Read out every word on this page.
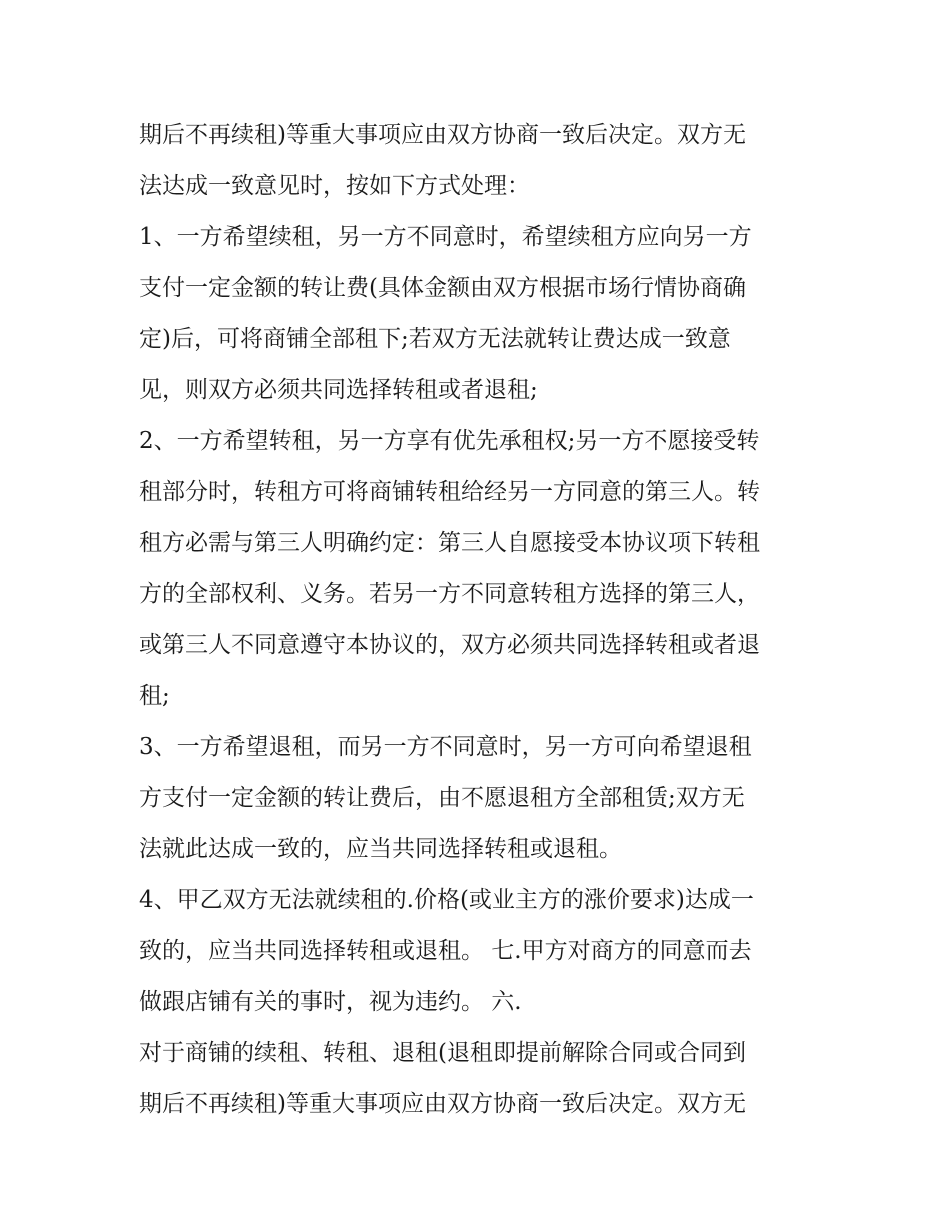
期后不再续租)等重大事项应由双方协商一致后决定。双方无
法达成一致意见时，按如下方式处理：
1、一方希望续租，另一方不同意时，希望续租方应向另一方
支付一定金额的转让费(具体金额由双方根据市场行情协商确
定)后，可将商铺全部租下;若双方无法就转让费达成一致意
见，则双方必须共同选择转租或者退租;
2、一方希望转租，另一方享有优先承租权;另一方不愿接受转
租部分时，转租方可将商铺转租给经另一方同意的第三人。转
租方必需与第三人明确约定：第三人自愿接受本协议项下转租
方的全部权利、义务。若另一方不同意转租方选择的第三人，
或第三人不同意遵守本协议的，双方必须共同选择转租或者退
租;
3、一方希望退租，而另一方不同意时，另一方可向希望退租
方支付一定金额的转让费后，由不愿退租方全部租赁;双方无
法就此达成一致的，应当共同选择转租或退租。
4、甲乙双方无法就续租的.价格(或业主方的涨价要求)达成一
致的，应当共同选择转租或退租。 七.甲方对商方的同意而去
做跟店铺有关的事时，视为违约。 六.
对于商铺的续租、转租、退租(退租即提前解除合同或合同到
期后不再续租)等重大事项应由双方协商一致后决定。双方无
